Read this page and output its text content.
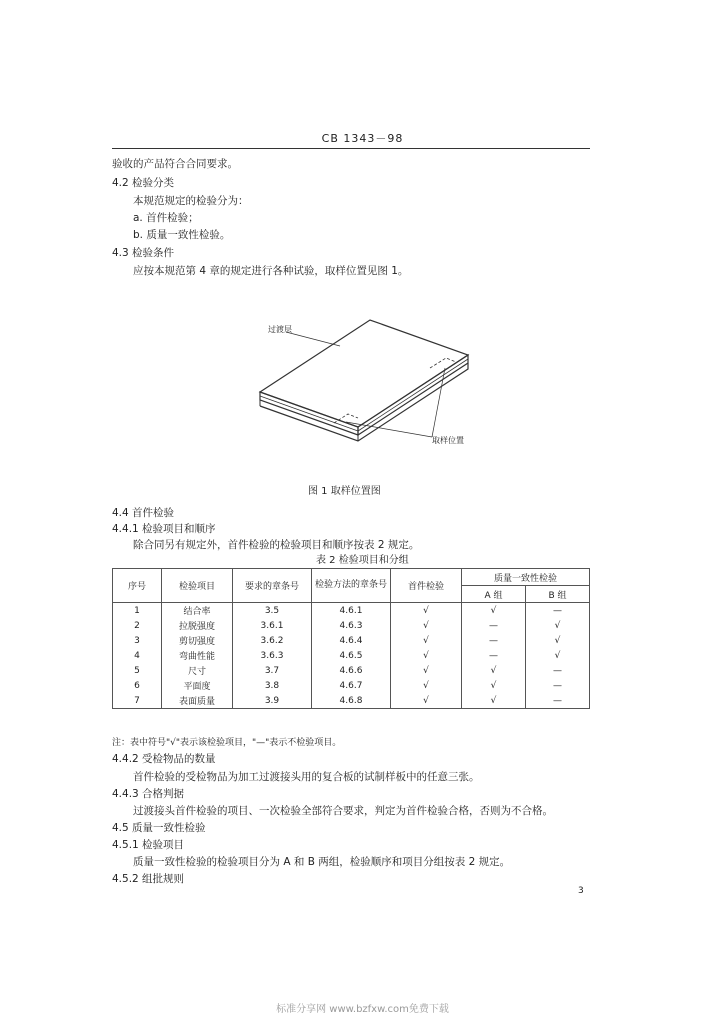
CB 1343－98
验收的产品符合合同要求。
4.2 检验分类
本规范规定的检验分为：
a. 首件检验；
b. 质量一致性检验。
4.3 检验条件
应按本规范第 4 章的规定进行各种试验，取样位置见图 1。
过渡层
取样位置
图 1 取样位置图
4.4 首件检验
4.4.1 检验项目和顺序
除合同另有规定外，首件检验的检验项目和顺序按表 2 规定。
表 2 检验项目和分组
序号	检验项目	要求的章条号	检验方法的章条号	首件检验	质量一致性检验	
					A 组	B 组
1	结合率	3.5	4.6.1	√	√	—
2	拉脱强度	3.6.1	4.6.3	√	—	√
3	剪切强度	3.6.2	4.6.4	√	—	√
4	弯曲性能	3.6.3	4.6.5	√	—	√
5	尺寸	3.7	4.6.6	√	√	—
6	平面度	3.8	4.6.7	√	√	—
7	表面质量	3.9	4.6.8	√	√	—
注：表中符号"√"表示该检验项目，"—"表示不检验项目。
4.4.2 受检物品的数量
首件检验的受检物品为加工过渡接头用的复合板的试制样板中的任意三张。
4.4.3 合格判据
过渡接头首件检验的项目、一次检验全部符合要求，判定为首件检验合格，否则为不合格。
4.5 质量一致性检验
4.5.1 检验项目
质量一致性检验的检验项目分为 A 和 B 两组，检验顺序和项目分组按表 2 规定。
4.5.2 组批规则
3
标准分享网 www.bzfxw.com免费下载
